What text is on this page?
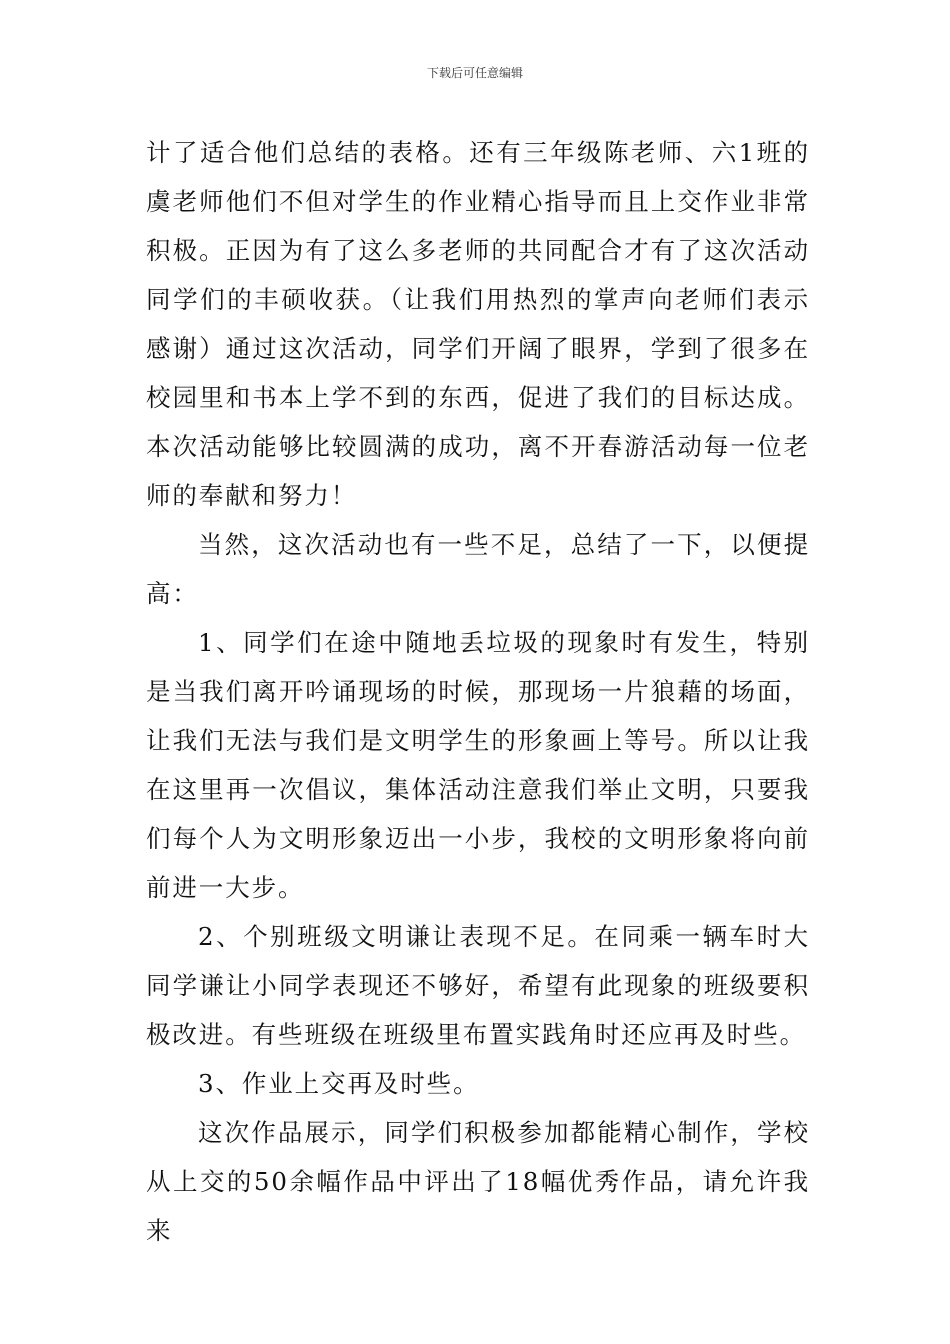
下载后可任意编辑

计了适合他们总结的表格。还有三年级陈老师、六1班的虞老师他们不但对学生的作业精心指导而且上交作业非常积极。正因为有了这么多老师的共同配合才有了这次活动同学们的丰硕收获。（让我们用热烈的掌声向老师们表示感谢）通过这次活动，同学们开阔了眼界，学到了很多在校园里和书本上学不到的东西，促进了我们的目标达成。本次活动能够比较圆满的成功，离不开春游活动每一位老师的奉献和努力！

当然，这次活动也有一些不足，总结了一下，以便提高：

1、同学们在途中随地丢垃圾的现象时有发生，特别是当我们离开吟诵现场的时候，那现场一片狼藉的场面，让我们无法与我们是文明学生的形象画上等号。所以让我在这里再一次倡议，集体活动注意我们举止文明，只要我们每个人为文明形象迈出一小步，我校的文明形象将向前前进一大步。

2、个别班级文明谦让表现不足。在同乘一辆车时大同学谦让小同学表现还不够好，希望有此现象的班级要积极改进。有些班级在班级里布置实践角时还应再及时些。

3、作业上交再及时些。

这次作品展示，同学们积极参加都能精心制作，学校从上交的50余幅作品中评出了18幅优秀作品，请允许我来
